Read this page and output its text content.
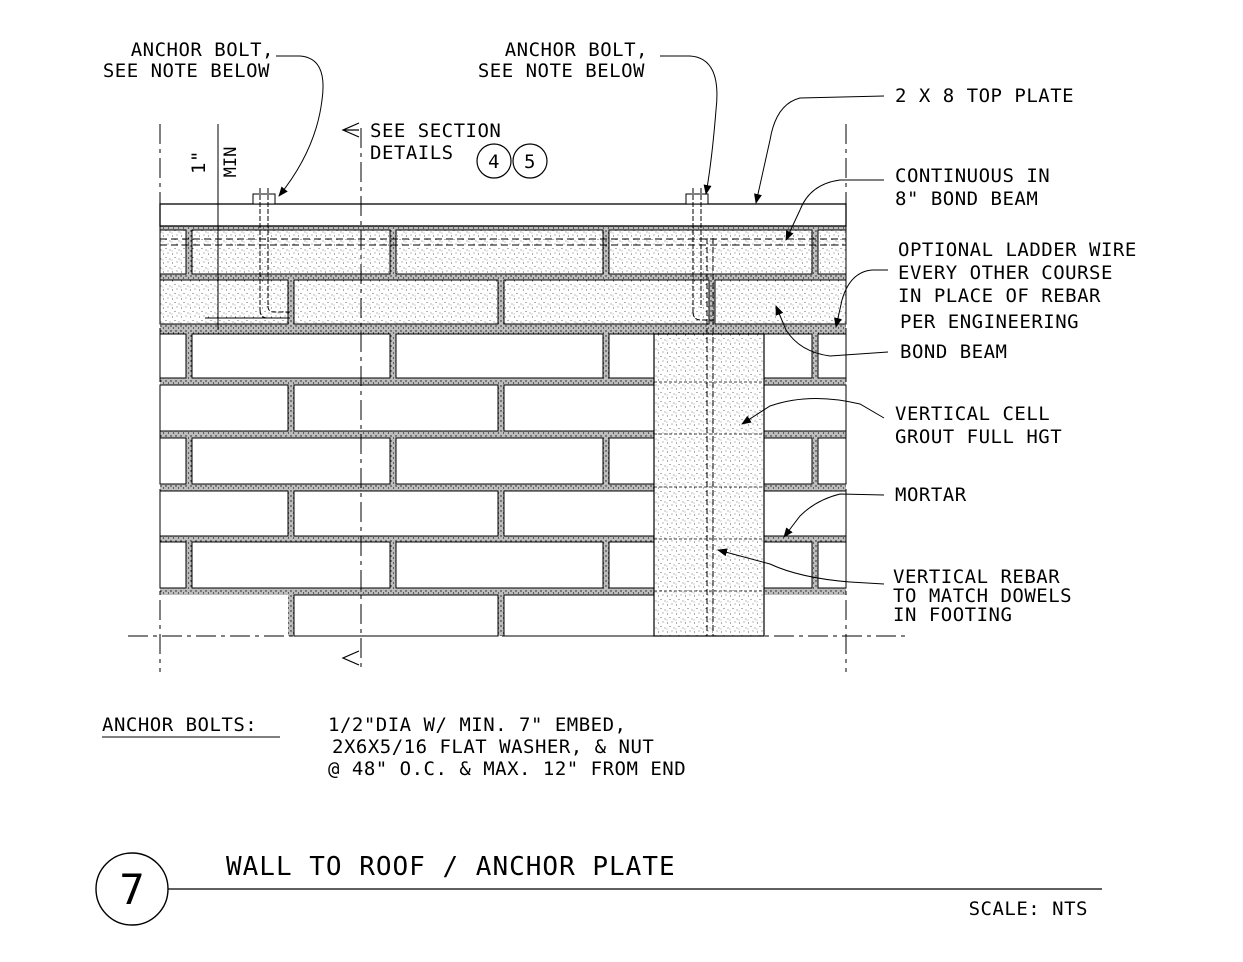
1" MIN
SEE SECTION
DETAILS 4 5
ANCHOR BOLT,
SEE NOTE BELOW
ANCHOR BOLT,
SEE NOTE BELOW
2 X 8 TOP PLATE
CONTINUOUS IN
8" BOND BEAM
OPTIONAL LADDER WIRE
EVERY OTHER COURSE
IN PLACE OF REBAR
PER ENGINEERING
BOND BEAM
VERTICAL CELL
GROUT FULL HGT
MORTAR
VERTICAL REBAR
TO MATCH DOWELS
IN FOOTING
ANCHOR BOLTS:	1/2"DIA W/ MIN. 7" EMBED,
2X6X5/16 FLAT WASHER, & NUT
@ 48" O.C. & MAX. 12" FROM END
7	WALL TO ROOF / ANCHOR PLATE
SCALE: NTS
